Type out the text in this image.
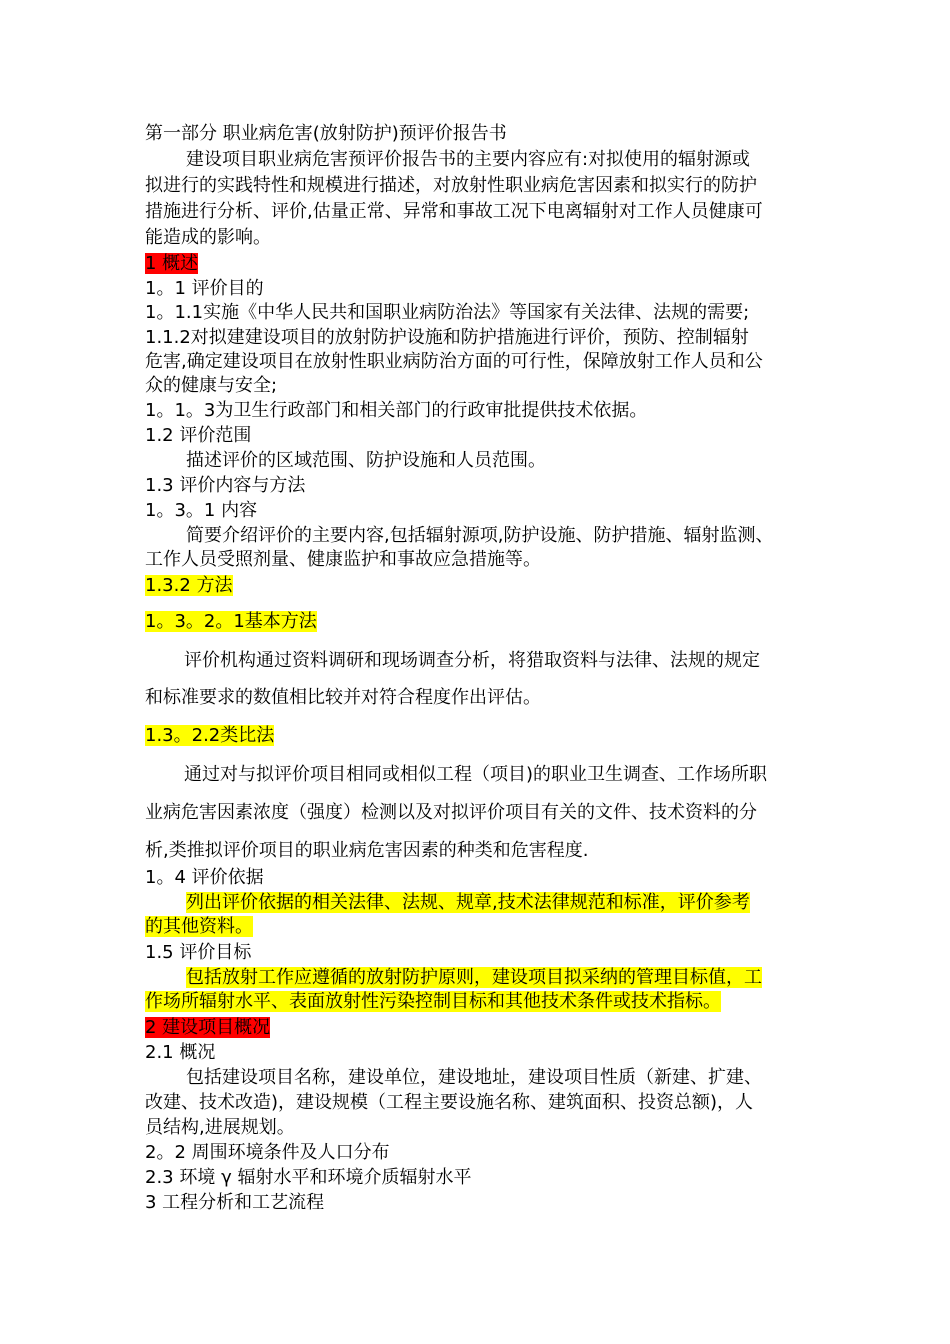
第一部分 职业病危害(放射防护)预评价报告书
建设项目职业病危害预评价报告书的主要内容应有:对拟使用的辐射源或
拟进行的实践特性和规模进行描述，对放射性职业病危害因素和拟实行的防护
措施进行分析、评价,估量正常、异常和事故工况下电离辐射对工作人员健康可
能造成的影响。
1 概述
1。1 评价目的
1。1.1实施《中华人民共和国职业病防治法》等国家有关法律、法规的需要;
1.1.2对拟建建设项目的放射防护设施和防护措施进行评价，预防、控制辐射
危害,确定建设项目在放射性职业病防治方面的可行性，保障放射工作人员和公
众的健康与安全;
1。1。3为卫生行政部门和相关部门的行政审批提供技术依据。
1.2 评价范围
描述评价的区域范围、防护设施和人员范围。
1.3 评价内容与方法
1。3。1 内容
简要介绍评价的主要内容,包括辐射源项,防护设施、防护措施、辐射监测、
工作人员受照剂量、健康监护和事故应急措施等。
1.3.2 方法
1。3。2。1基本方法
评价机构通过资料调研和现场调查分析，将猎取资料与法律、法规的规定
和标准要求的数值相比较并对符合程度作出评估。
1.3。2.2类比法
通过对与拟评价项目相同或相似工程（项目)的职业卫生调查、工作场所职
业病危害因素浓度（强度）检测以及对拟评价项目有关的文件、技术资料的分
析,类推拟评价项目的职业病危害因素的种类和危害程度.
1。4 评价依据
列出评价依据的相关法律、法规、规章,技术法律规范和标准，评价参考
的其他资料。
1.5 评价目标
包括放射工作应遵循的放射防护原则，建设项目拟采纳的管理目标值，工
作场所辐射水平、表面放射性污染控制目标和其他技术条件或技术指标。
2 建设项目概况
2.1 概况
包括建设项目名称，建设单位，建设地址，建设项目性质（新建、扩建、
改建、技术改造)，建设规模（工程主要设施名称、建筑面积、投资总额)，人
员结构,进展规划。
2。2 周围环境条件及人口分布
2.3 环境 γ 辐射水平和环境介质辐射水平
3 工程分析和工艺流程
